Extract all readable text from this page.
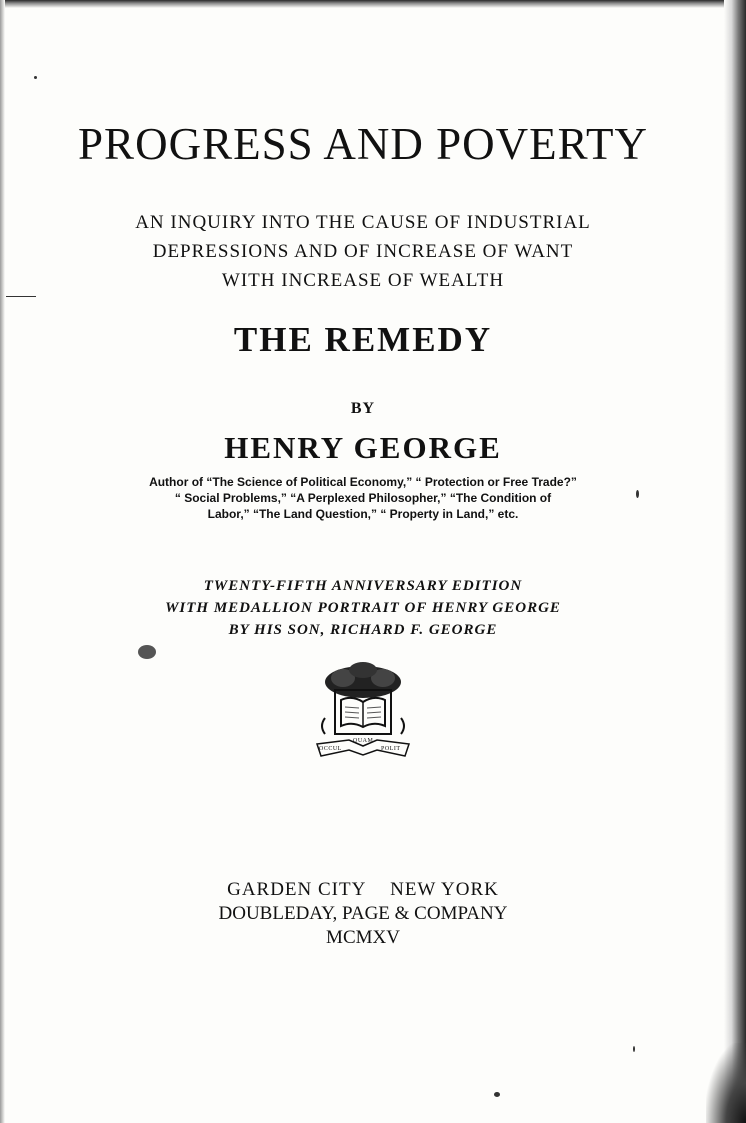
PROGRESS AND POVERTY
AN INQUIRY INTO THE CAUSE OF INDUSTRIAL
DEPRESSIONS AND OF INCREASE OF WANT
WITH INCREASE OF WEALTH
THE REMEDY
BY
HENRY GEORGE
Author of “The Science of Political Economy,” “ Protection or Free Trade?”
“ Social Problems,” “A Perplexed Philosopher,” “The Condition of
Labor,” “The Land Question,” “ Property in Land,” etc.
TWENTY-FIFTH ANNIVERSARY EDITION
WITH MEDALLION PORTRAIT OF HENRY GEORGE
BY HIS SON, RICHARD F. GEORGE
OCCUL
QUAM
POLIT
GARDEN CITY NEW YORK
DOUBLEDAY, PAGE & COMPANY
MCMXV
